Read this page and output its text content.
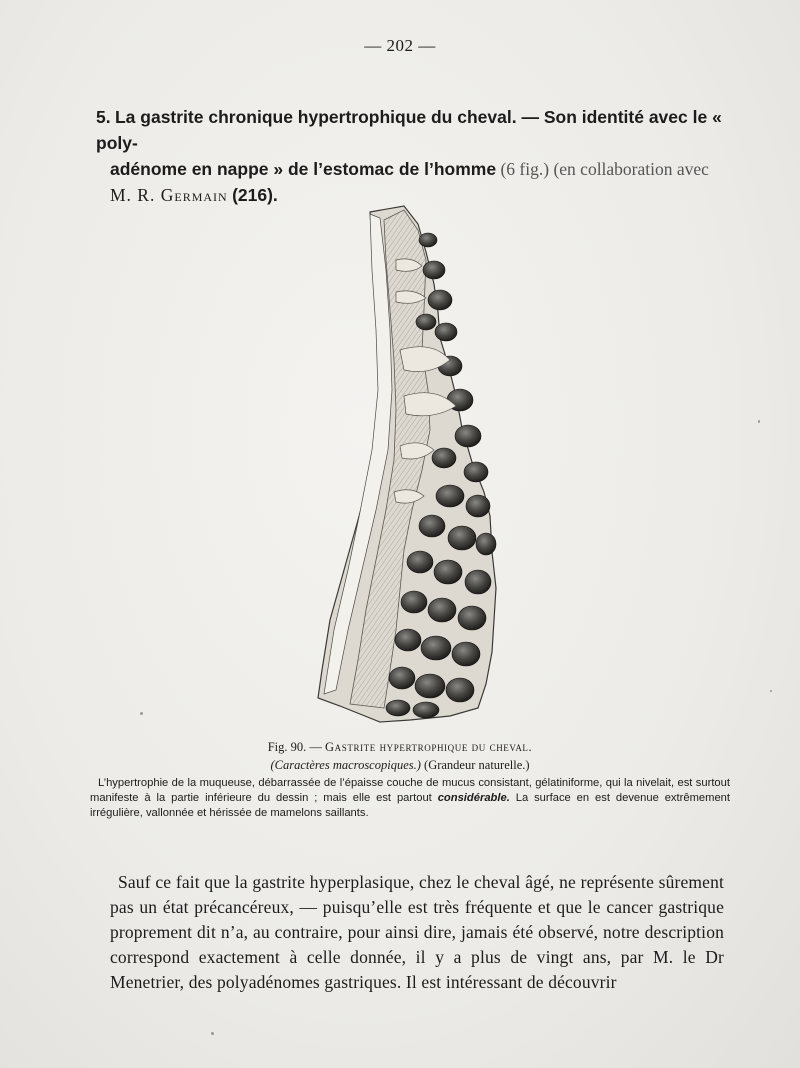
— 202 —
5. La gastrite chronique hypertrophique du cheval. — Son identité avec le « poly-
adénome en nappe » de l’estomac de l’homme (6 fig.) (en collaboration avec
M. R. Germain (216).
Fig. 90. — Gastrite hypertrophique du cheval.
(Caractères macroscopiques.) (Grandeur naturelle.)
L’hypertrophie de la muqueuse, débarrassée de l’épaisse couche de mucus consistant, gélatiniforme, qui la nivelait, est surtout manifeste à la partie inférieure du dessin ; mais elle est partout considérable. La surface en est devenue extrêmement irrégulière, vallonnée et hérissée de mamelons saillants.
Sauf ce fait que la gastrite hyperplasique, chez le cheval âgé, ne représente sûrement pas un état précancéreux, — puisqu’elle est très fréquente et que le cancer gastrique proprement dit n’a, au contraire, pour ainsi dire, jamais été observé, notre description correspond exactement à celle donnée, il y a plus de vingt ans, par M. le Dr Menetrier, des polyadénomes gastriques. Il est intéressant de découvrir
